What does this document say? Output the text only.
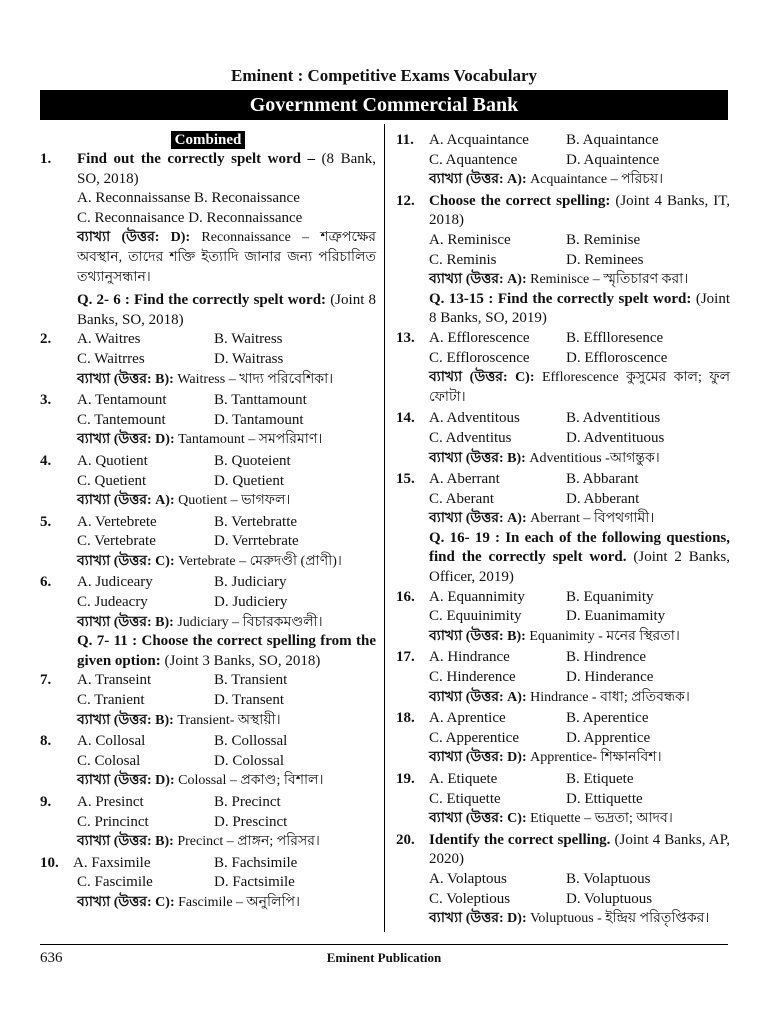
Eminent : Competitive Exams Vocabulary
Government Commercial Bank
Combined
1.	Find out the correctly spelt word – (8 Bank, SO, 2018)
A. Reconnaissanse B. Reconaissance
C. Reconnaisance D. Reconnaissance
ব্যাখ্যা (উত্তর: D): Reconnaissance – শত্রুপক্ষের অবস্থান, তাদের শক্তি ইত্যাদি জানার জন্য পরিচালিত তথ্যানুসন্ধান।
Q. 2- 6 : Find the correctly spelt word: (Joint 8 Banks, SO, 2018)
2.	A. Waitres	B. Waitress
C. Waitrres	D. Waitrass
ব্যাখ্যা (উত্তর: B): Waitress – খাদ্য পরিবেশিকা।
3.	A. Tentamount	B. Tanttamount
C. Tantemount	D. Tantamount
ব্যাখ্যা (উত্তর: D): Tantamount – সমপরিমাণ।
4.	A. Quotient	B. Quoteient
C. Quetient	D. Quetient
ব্যাখ্যা (উত্তর: A): Quotient – ভাগফল।
5.	A. Vertebrete	B. Vertebratte
C. Vertebrate	D. Verrtebrate
ব্যাখ্যা (উত্তর: C): Vertebrate – মেরুদণ্ডী (প্রাণী)।
6.	A. Judiceary	B. Judiciary
C. Judeacry	D. Judiciery
ব্যাখ্যা (উত্তর: B): Judiciary – বিচারকমণ্ডলী।
Q. 7- 11 : Choose the correct spelling from the given option: (Joint 3 Banks, SO, 2018)
7.	A. Transeint	B. Transient
C. Tranient	D. Transent
ব্যাখ্যা (উত্তর: B): Transient- অস্থায়ী।
8.	A. Collosal	B. Collossal
C. Colosal	D. Colossal
ব্যাখ্যা (উত্তর: D): Colossal – প্রকাণ্ড; বিশাল।
9.	A. Presinct	B. Precinct
C. Princinct	D. Prescinct
ব্যাখ্যা (উত্তর: B): Precinct – প্রাঙ্গন; পরিসর।
10. A. Faxsimile	B. Fachsimile
C. Fascimile	D. Factsimile
ব্যাখ্যা (উত্তর: C): Fascimile – অনুলিপি।
11.	A. Acquaintance	B. Aquaintance
C. Aquantence	D. Aquaintence
ব্যাখ্যা (উত্তর: A): Acquaintance – পরিচয়।
12. Choose the correct spelling: (Joint 4 Banks, IT, 2018)
A. Reminisce	B. Reminise
C. Reminis	D. Reminees
ব্যাখ্যা (উত্তর: A): Reminisce – স্মৃতিচারণ করা।
Q. 13-15 : Find the correctly spelt word: (Joint 8 Banks, SO, 2019)
13. A. Efflorescence	B. Efflloresence
C. Effloroscence	D. Effloroscence
ব্যাখ্যা (উত্তর: C): Efflorescence কুসুমের কাল; ফুল ফোটা।
14. A. Adventitous	B. Adventitious
C. Adventitus	D. Adventituous
ব্যাখ্যা (উত্তর: B): Adventitious -আগন্তুক।
15. A. Aberrant	B. Abbarant
C. Aberant	D. Abberant
ব্যাখ্যা (উত্তর: A): Aberrant – বিপথগামী।
Q. 16- 19 : In each of the following questions, find the correctly spelt word. (Joint 2 Banks, Officer, 2019)
16. A. Equannimity	B. Equanimity
C. Equuinimity	D. Euanimamity
ব্যাখ্যা (উত্তর: B): Equanimity - মনের স্থিরতা।
17. A. Hindrance	B. Hindrence
C. Hinderence	D. Hinderance
ব্যাখ্যা (উত্তর: A): Hindrance - বাধা; প্রতিবন্ধক।
18. A. Aprentice	B. Aperentice
C. Apperentice	D. Apprentice
ব্যাখ্যা (উত্তর: D): Apprentice- শিক্ষানবিশ।
19. A. Etiquete	B. Etiquete
C. Etiquette	D. Ettiquette
ব্যাখ্যা (উত্তর: C): Etiquette – ভদ্রতা; আদব।
20. Identify the correct spelling. (Joint 4 Banks, AP, 2020)
A. Volaptous	B. Volaptuous
C. Voleptious	D. Voluptuous
ব্যাখ্যা (উত্তর: D): Voluptuous - ইন্দ্রিয় পরিতৃপ্তিকর।
636	Eminent Publication
